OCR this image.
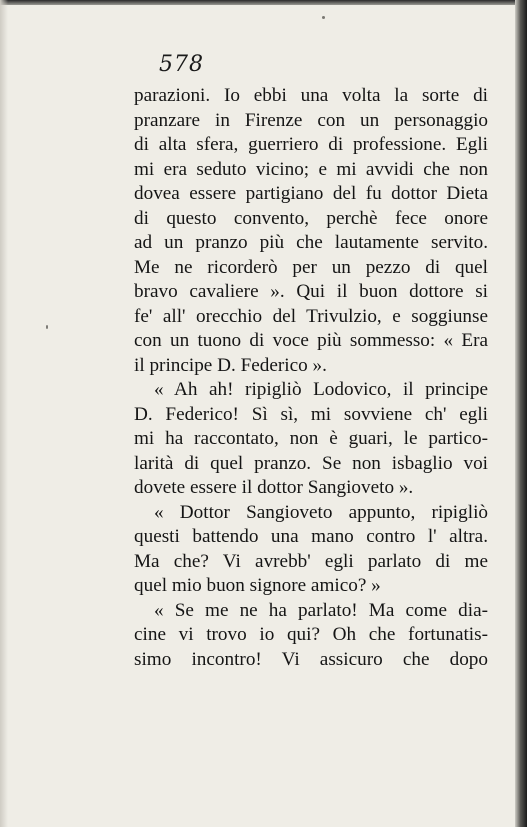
578
parazioni. Io ebbi una volta la sorte di
pranzare in Firenze con un personaggio
di alta sfera, guerriero di professione. Egli
mi era seduto vicino; e mi avvidi che non
dovea essere partigiano del fu dottor Dieta
di questo convento, perchè fece onore
ad un pranzo più che lautamente servito.
Me ne ricorderò per un pezzo di quel
bravo cavaliere ». Qui il buon dottore si
fe' all' orecchio del Trivulzio, e soggiunse
con un tuono di voce più sommesso: « Era
il principe D. Federico ».
« Ah ah! ripigliò Lodovico, il principe
D. Federico! Sì sì, mi sovviene ch' egli
mi ha raccontato, non è guari, le partico-
larità di quel pranzo. Se non isbaglio voi
dovete essere il dottor Sangioveto ».
« Dottor Sangioveto appunto, ripigliò
questi battendo una mano contro l' altra.
Ma che? Vi avrebb' egli parlato di me
quel mio buon signore amico? »
« Se me ne ha parlato! Ma come dia-
cine vi trovo io qui? Oh che fortunatis-
simo incontro! Vi assicuro che dopo
